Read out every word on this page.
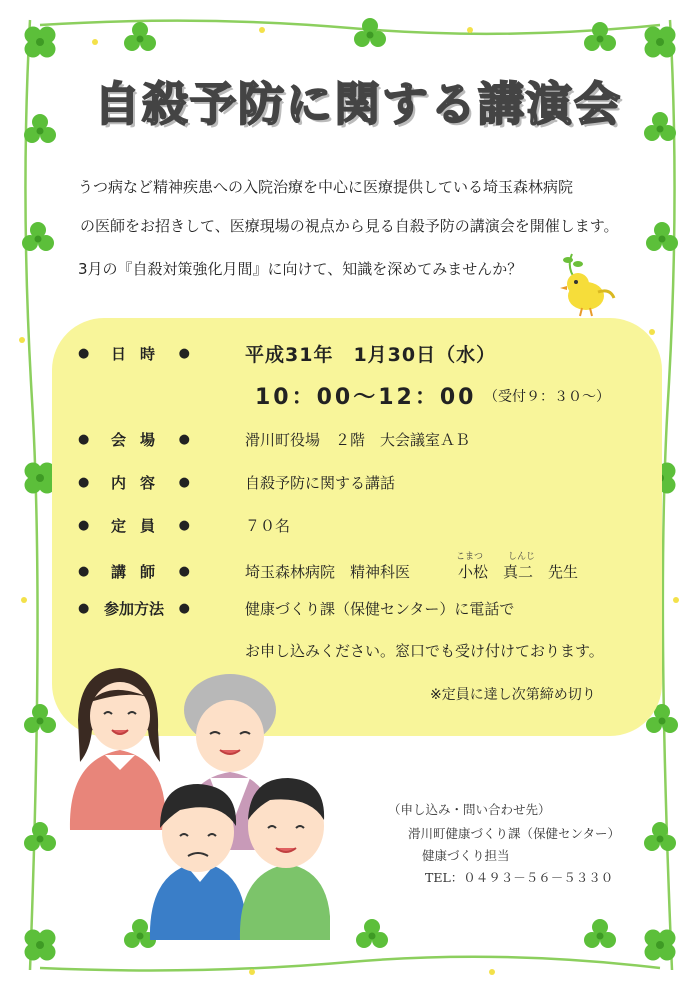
自殺予防に関する講演会
うつ病など精神疾患への入院治療を中心に医療提供している埼玉森林病院
の医師をお招きして、医療現場の視点から見る自殺予防の講演会を開催します。
3月の『自殺対策強化月間』に向けて、知識を深めてみませんか？
●	日時 ●	平成31年　1月30日（水）
10：00～12：00 （受付９：３０～）
●	会場 ●	滑川町役場　２階　大会議室ＡＢ
●	内容 ●	自殺予防に関する講話
●	定員 ●	７０名
●	講師 ●	埼玉森林病院　精神科医
こまつ	しんじ
小松　真二　先生
● 参加方法	●	健康づくり課（保健センター）に電話で
お申し込みください。窓口でも受け付けております。
※定員に達し次第締め切り
（申し込み・問い合わせ先）
滑川町健康づくり課（保健センター）
健康づくり担当
TEL：０４９３－５６－５３３０
